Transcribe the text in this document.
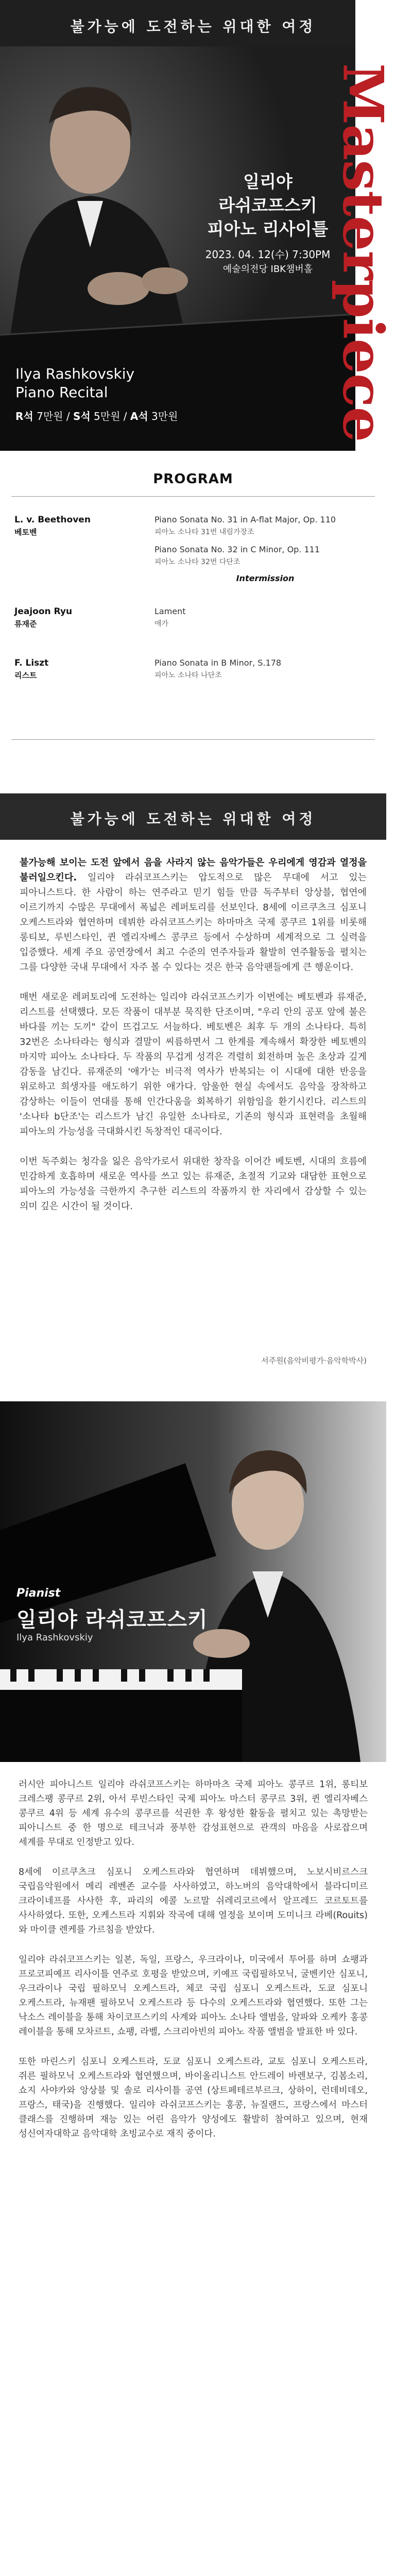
Masterpiece
불가능에 도전하는 위대한 여정
일리야
라쉬코프스키
피아노 리사이틀
2023. 04. 12(수) 7:30PM
예술의전당 IBK챔버홀
Ilya Rashkovskiy
Piano Recital
R석 7만원 / S석 5만원 / A석 3만원
PROGRAM
L. v. Beethoven
베토벤
Piano Sonata No. 31 in A-flat Major, Op. 110
피아노 소나타 31번 내림가장조
Piano Sonata No. 32 in C Minor, Op. 111
피아노 소나타 32번 다단조
Intermission
Jeajoon Ryu
류재준
Lament
애가
F. Liszt
리스트
Piano Sonata in B Minor, S.178
피아노 소나타 나단조
불가능에 도전하는 위대한 여정

불가능해 보이는 도전 앞에서 음을 사라지 않는 음악가들은 우리에게 영감과 열정을 불러일으킨다. 일리야 라쉬코프스키는 압도적으로 많은 무대에 서고 있는 피아니스트다. 한 사람이 하는 연주라고 믿기 힘들 만큼 독주부터 앙상블, 협연에 이르기까지 수많은 무대에서 폭넓은 레퍼토리를 선보인다. 8세에 이르쿠츠크 심포니 오케스트라와 협연하며 데뷔한 라쉬코프스키는 하마마츠 국제 콩쿠르 1위를 비롯해 롱티보, 루빈스타인, 퀸 엘리자베스 콩쿠르 등에서 수상하며 세계적으로 그 실력을 입증했다. 세계 주요 공연장에서 최고 수준의 연주자들과 활발히 연주활동을 펼치는 그를 다양한 국내 무대에서 자주 볼 수 있다는 것은 한국 음악팬들에게 큰 행운이다.

매번 새로운 레퍼토리에 도전하는 일리야 라쉬코프스키가 이번에는 베토벤과 류재준, 리스트를 선택했다. 모든 작품이 대부분 묵직한 단조이며, "우리 안의 공포 앞에 불은 바다를 끼는 도끼" 같이 뜨겁고도 서늘하다. 베토벤은 최후 두 개의 소나타다. 특히 32번은 소나타라는 형식과 결말이 씨름하면서 그 한계를 계속해서 확장한 베토벤의 마지막 피아노 소나타다. 두 작품의 무겁게 성격은 격렬히 회전하며 높은 초상과 깊게 감동을 남긴다. 류재준의 '애가'는 비극적 역사가 반복되는 이 시대에 대한 반응을 위로하고 희생자를 애도하기 위한 애가다. 암울한 현실 속에서도 음악을 장착하고 감상하는 이들이 연대를 통해 인간다움을 회복하기 위함임을 환기시킨다. 리스트의 '소나타 b단조'는 리스트가 남긴 유일한 소나타로, 기존의 형식과 표현력을 초월해 피아노의 가능성을 극대화시킨 독창적인 대곡이다.

이번 독주회는 청각을 잃은 음악가로서 위대한 창작을 이어간 베토벤, 시대의 흐름에 민감하게 호흡하며 새로운 역사를 쓰고 있는 류재준, 초절적 기교와 대담한 표현으로 피아노의 가능성을 극한까지 추구한 리스트의 작품까지 한 자리에서 감상할 수 있는 의미 깊은 시간이 될 것이다.

서주원(음악비평가·음악학박사)
Pianist
일리야 라쉬코프스키
Ilya Rashkovskiy

러시안 피아니스트 일리야 라쉬코프스키는 하마마츠 국제 피아노 콩쿠르 1위, 롱티보 크레스팽 콩쿠르 2위, 아서 루빈스타인 국제 피아노 마스터 콩쿠르 3위, 퀸 엘리자베스 콩쿠르 4위 등 세계 유수의 콩쿠르를 석권한 후 왕성한 활동을 펼치고 있는 촉망받는 피아니스트 중 한 명으로 테크닉과 풍부한 감성표현으로 관객의 마음을 사로잡으며 세계를 무대로 인정받고 있다.

8세에 이르쿠츠크 심포니 오케스트라와 협연하며 데뷔했으며, 노보시비르스크 국립음악원에서 메리 레벤존 교수를 사사하였고, 하노버의 음악대학에서 블라디미르 크라이네프를 사사한 후, 파리의 에콜 노르말 쉬레리코르에서 알프레드 코르토트를 사사하였다. 또한, 오케스트라 지휘와 작곡에 대해 열정을 보이며 도미니크 라베(Rouits)와 마이클 렌케를 가르침을 받았다.

일리야 라쉬코프스키는 일본, 독일, 프랑스, 우크라이나, 미국에서 투어를 하며 쇼팽과 프로코피예프 리사이틀 연주로 호평을 받았으며, 키예프 국립필하모닉, 굴벤키안 심포니, 우크라이나 국립 필하모닉 오케스트라, 체코 국립 심포니 오케스트라, 도쿄 심포니 오케스트라, 뉴재팬 필하모닉 오케스트라 등 다수의 오케스트라와 협연했다. 또한 그는 낙소스 레이블을 통해 차이코프스키의 사계와 피아노 소나타 앨범을, 알파와 오케카 홍콩 레이블을 통해 모차르트, 쇼팽, 라벨, 스크리아빈의 피아노 작품 앨범을 발표한 바 있다.

또한 마린스키 심포니 오케스트라, 도쿄 심포니 오케스트라, 교토 심포니 오케스트라, 쥐른 필하모닉 오케스트라와 협연했으며, 바이올리니스트 안드레이 바렌보구, 김봄소리, 쇼지 사야카와 앙상블 및 솔로 리사이틀 공연 (상트페테르부르크, 상하이, 런데비데오, 프랑스, 태국)을 진행했다. 일리야 라쉬코프스키는 홍콩, 뉴질랜드, 프랑스에서 마스터 클래스를 진행하며 재능 있는 어린 음악가 양성에도 활발히 참여하고 있으며, 현재 성신여자대학교 음악대학 초빙교수로 재직 중이다.
